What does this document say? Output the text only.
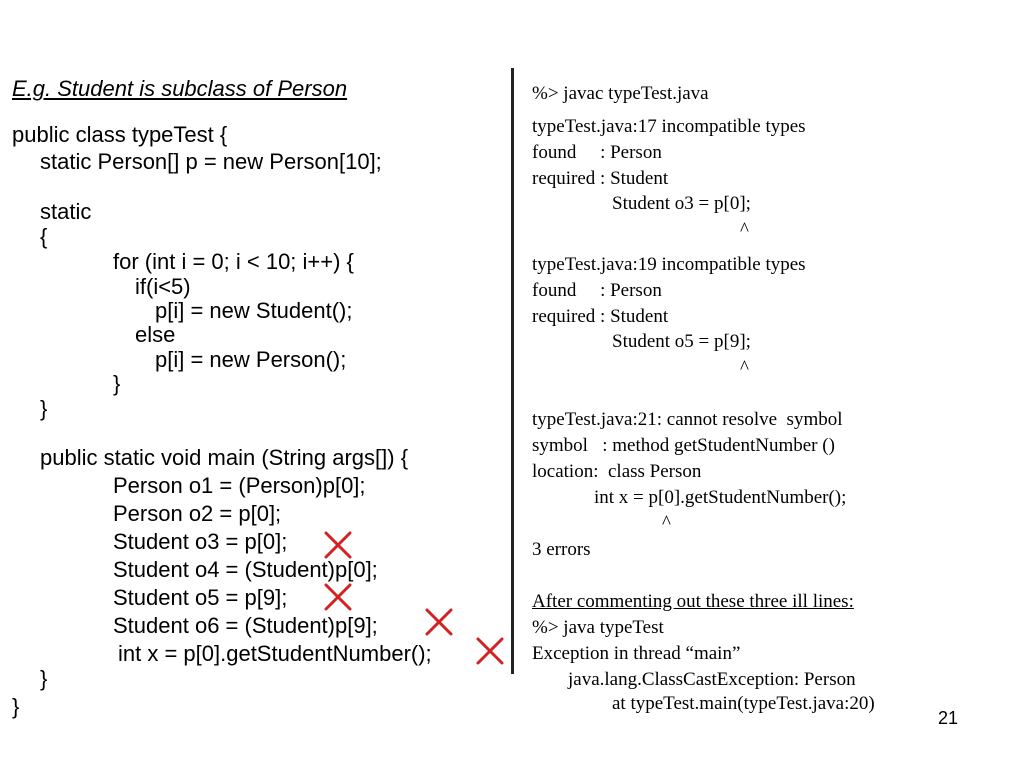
E.g. Student is subclass of Person
public class typeTest {
static Person[] p = new Person[10];
static
{
for (int i = 0; i < 10; i++) {
if(i<5)
p[i] = new Student();
else
p[i] = new Person();
}
}
public static void main (String args[]) {
Person o1 = (Person)p[0];
Person o2 = p[0];
Student o3 = p[0];
Student o4 = (Student)p[0];
Student o5 = p[9];
Student o6 = (Student)p[9];
int x = p[0].getStudentNumber();
}
}
%> javac typeTest.java
typeTest.java:17 incompatible types
found     : Person
required : Student
Student o3 = p[0];
^
typeTest.java:19 incompatible types
found     : Person
required : Student
Student o5 = p[9];
^
typeTest.java:21: cannot resolve  symbol
symbol   : method getStudentNumber ()
location:  class Person
int x = p[0].getStudentNumber();
^
3 errors
After commenting out these three ill lines:
%> java typeTest
Exception in thread “main”
java.lang.ClassCastException: Person
at typeTest.main(typeTest.java:20)
21
